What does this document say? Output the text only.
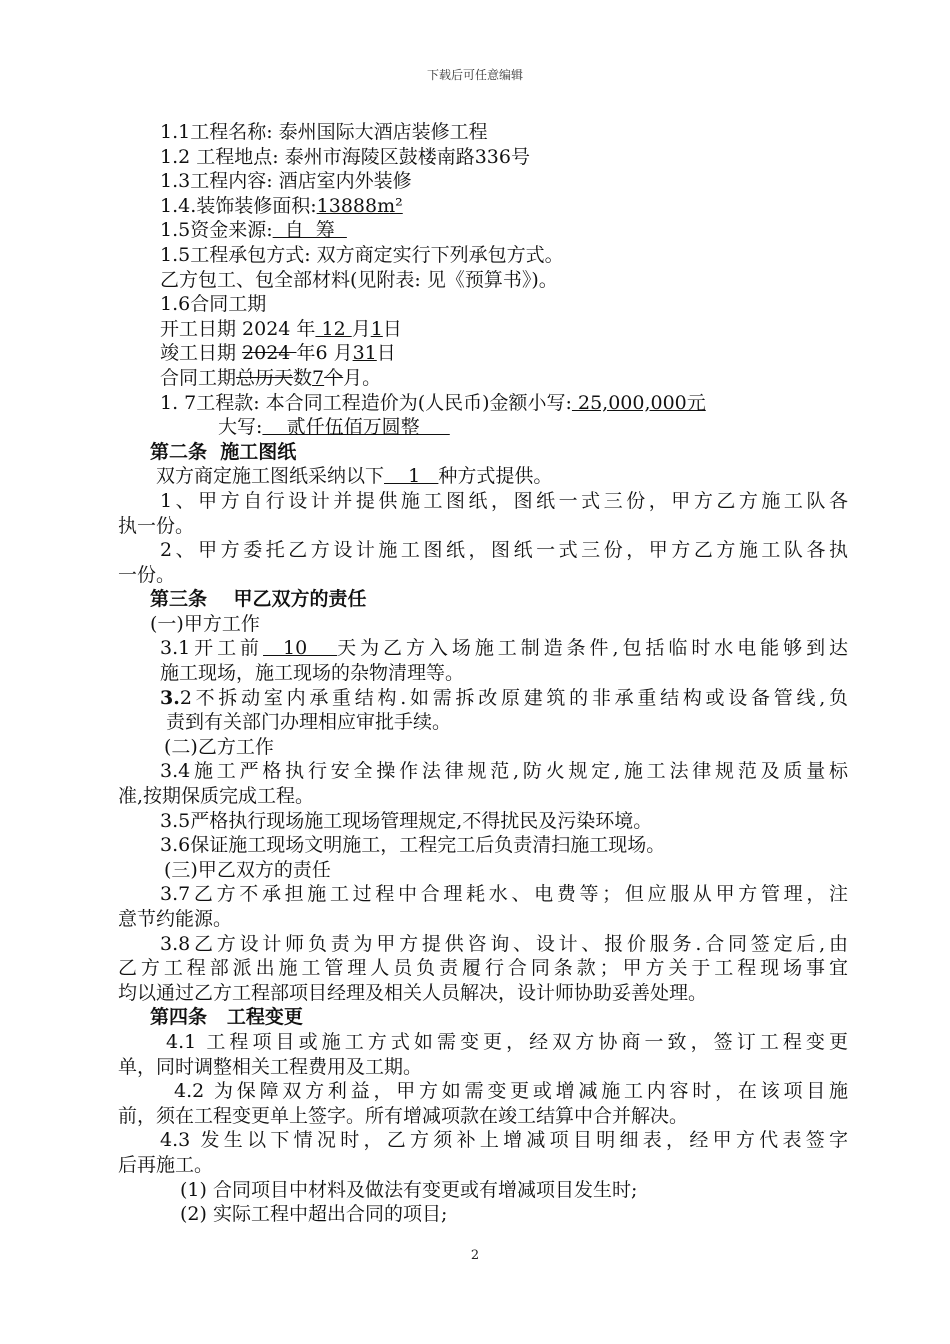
下载后可任意编辑
1.1工程名称: 泰州国际大酒店装修工程
1.2 工程地点: 泰州市海陵区鼓楼南路336号
1.3工程内容: 酒店室内外装修
1.4.装饰装修面积:13888m²
1.5资金来源:  自  筹
1.5工程承包方式: 双方商定实行下列承包方式。
乙方包工、包全部材料(见附表: 见《预算书》)。
1.6合同工期
开工日期 2024 年 12 月1日
竣工日期 2024 年6 月31日
合同工期总历天数7个月。
1. 7工程款: 本合同工程造价为(人民币)金额小写: 25,000,000元
大写:    贰仟伍佰万圆整
第二条  施工图纸
双方商定施工图纸采纳以下    1   种方式提供。
1、甲方自行设计并提供施工图纸，图纸一式三份，甲方乙方施工队各
执一份。
2、甲方委托乙方设计施工图纸，图纸一式三份，甲方乙方施工队各执
一份。
第三条    甲乙双方的责任
(一)甲方工作
3.1开工前  10   天为乙方入场施工制造条件,包括临时水电能够到达
施工现场，施工现场的杂物清理等。
3.2不拆动室内承重结构.如需拆改原建筑的非承重结构或设备管线,负
责到有关部门办理相应审批手续。
(二)乙方工作
3.4施工严格执行安全操作法律规范,防火规定,施工法律规范及质量标
准,按期保质完成工程。
3.5严格执行现场施工现场管理规定,不得扰民及污染环境。
3.6保证施工现场文明施工，工程完工后负责清扫施工现场。
(三)甲乙双方的责任
3.7乙方不承担施工过程中合理耗水、电费等；但应服从甲方管理，注
意节约能源。
3.8乙方设计师负责为甲方提供咨询、设计、报价服务.合同签定后,由
乙方工程部派出施工管理人员负责履行合同条款；甲方关于工程现场事宜
均以通过乙方工程部项目经理及相关人员解决，设计师协助妥善处理。
第四条   工程变更
4.1 工程项目或施工方式如需变更，经双方协商一致，签订工程变更
单，同时调整相关工程费用及工期。
4.2 为保障双方利益，甲方如需变更或增减施工内容时，在该项目施
前，须在工程变更单上签字。所有增减项款在竣工结算中合并解决。
4.3 发生以下情况时，乙方须补上增减项目明细表，经甲方代表签字
后再施工。
(1) 合同项目中材料及做法有变更或有增减项目发生时;
(2) 实际工程中超出合同的项目;
2
